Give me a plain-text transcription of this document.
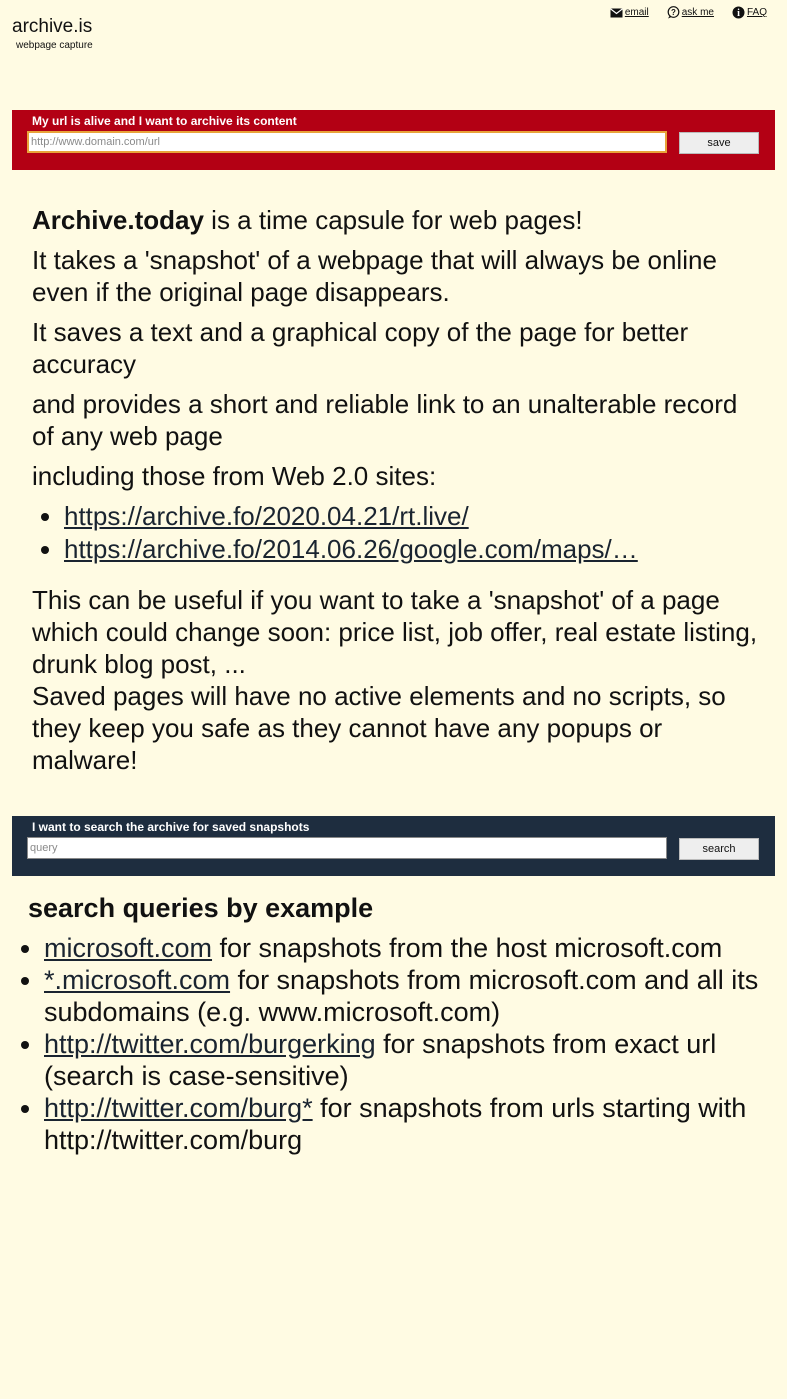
archive.is
webpage capture
email	? ask me i FAQ
My url is alive and I want to archive its content
http://www.domain.com/url
save

Archive.today is a time capsule for web pages!

It takes a 'snapshot' of a webpage that will always be online even if the original page disappears.

It saves a text and a graphical copy of the page for better accuracy

and provides a short and reliable link to an unalterable record of any web page

including those from Web 2.0 sites:

• https://archive.fo/2020.04.21/rt.live/
• https://archive.fo/2014.06.26/google.com/maps/…

This can be useful if you want to take a 'snapshot' of a page which could change soon: price list, job offer, real estate listing, drunk blog post, ...

Saved pages will have no active elements and no scripts, so they keep you safe as they cannot have any popups or malware!

I want to search the archive for saved snapshots
query
search
search queries by example
• microsoft.com for snapshots from the host microsoft.com
• *.microsoft.com for snapshots from microsoft.com and all its subdomains (e.g. www.microsoft.com)
• http://twitter.com/burgerking for snapshots from exact url (search is case-sensitive)
• http://twitter.com/burg* for snapshots from urls starting with http://twitter.com/burg
